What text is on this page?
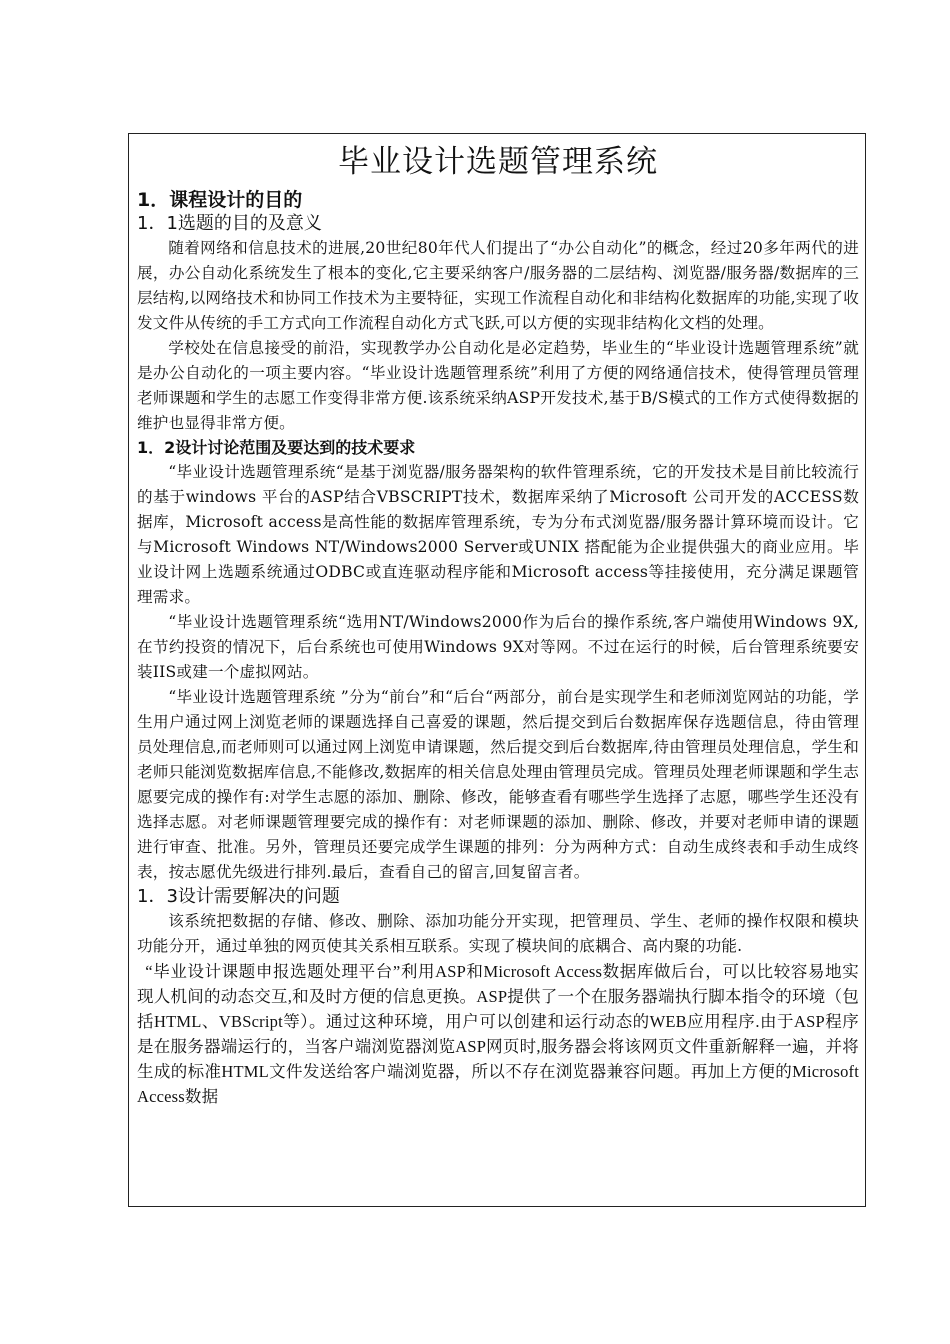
毕业设计选题管理系统
1．课程设计的目的
1．1选题的目的及意义

随着网络和信息技术的进展,20世纪80年代人们提出了“办公自动化”的概念，经过20多年两代的进展，办公自动化系统发生了根本的变化,它主要采纳客户/服务器的二层结构、浏览器/服务器/数据库的三层结构,以网络技术和协同工作技术为主要特征，实现工作流程自动化和非结构化数据库的功能,实现了收发文件从传统的手工方式向工作流程自动化方式飞跃,可以方便的实现非结构化文档的处理。

学校处在信息接受的前沿，实现教学办公自动化是必定趋势，毕业生的“毕业设计选题管理系统”就是办公自动化的一项主要内容。“毕业设计选题管理系统”利用了方便的网络通信技术，使得管理员管理老师课题和学生的志愿工作变得非常方便.该系统采纳ASP开发技术,基于B/S模式的工作方式使得数据的维护也显得非常方便。

1．2设计讨论范围及要达到的技术要求

“毕业设计选题管理系统“是基于浏览器/服务器架构的软件管理系统，它的开发技术是目前比较流行的基于windows 平台的ASP结合VBSCRIPT技术，数据库采纳了Microsoft 公司开发的ACCESS数据库，Microsoft access是高性能的数据库管理系统，专为分布式浏览器/服务器计算环境而设计。它与Microsoft Windows NT/Windows2000 Server或UNIX 搭配能为企业提供强大的商业应用。毕业设计网上选题系统通过ODBC或直连驱动程序能和Microsoft access等挂接使用，充分满足课题管理需求。

“毕业设计选题管理系统“选用NT/Windows2000作为后台的操作系统,客户端使用Windows 9X,在节约投资的情况下，后台系统也可使用Windows 9X对等网。不过在运行的时候，后台管理系统要安装IIS或建一个虚拟网站。

“毕业设计选题管理系统 ”分为“前台”和“后台“两部分，前台是实现学生和老师浏览网站的功能，学生用户通过网上浏览老师的课题选择自己喜爱的课题，然后提交到后台数据库保存选题信息，待由管理员处理信息,而老师则可以通过网上浏览申请课题，然后提交到后台数据库,待由管理员处理信息，学生和老师只能浏览数据库信息,不能修改,数据库的相关信息处理由管理员完成。管理员处理老师课题和学生志愿要完成的操作有:对学生志愿的添加、删除、修改，能够查看有哪些学生选择了志愿，哪些学生还没有选择志愿。对老师课题管理要完成的操作有：对老师课题的添加、删除、修改，并要对老师申请的课题进行审查、批准。另外，管理员还要完成学生课题的排列：分为两种方式：自动生成终表和手动生成终表，按志愿优先级进行排列.最后，查看自己的留言,回复留言者。

1．3设计需要解决的问题

该系统把数据的存储、修改、删除、添加功能分开实现，把管理员、学生、老师的操作权限和模块功能分开，通过单独的网页使其关系相互联系。实现了模块间的底耦合、高内聚的功能.

“毕业设计课题申报选题处理平台”利用ASP和Microsoft Access数据库做后台，可以比较容易地实现人机间的动态交互,和及时方便的信息更换。ASP提供了一个在服务器端执行脚本指令的环境（包括HTML、VBScript等）。通过这种环境，用户可以创建和运行动态的WEB应用程序.由于ASP程序是在服务器端运行的，当客户端浏览器浏览ASP网页时,服务器会将该网页文件重新解释一遍，并将生成的标准HTML文件发送给客户端浏览器，所以不存在浏览器兼容问题。再加上方便的Microsoft Access数据
